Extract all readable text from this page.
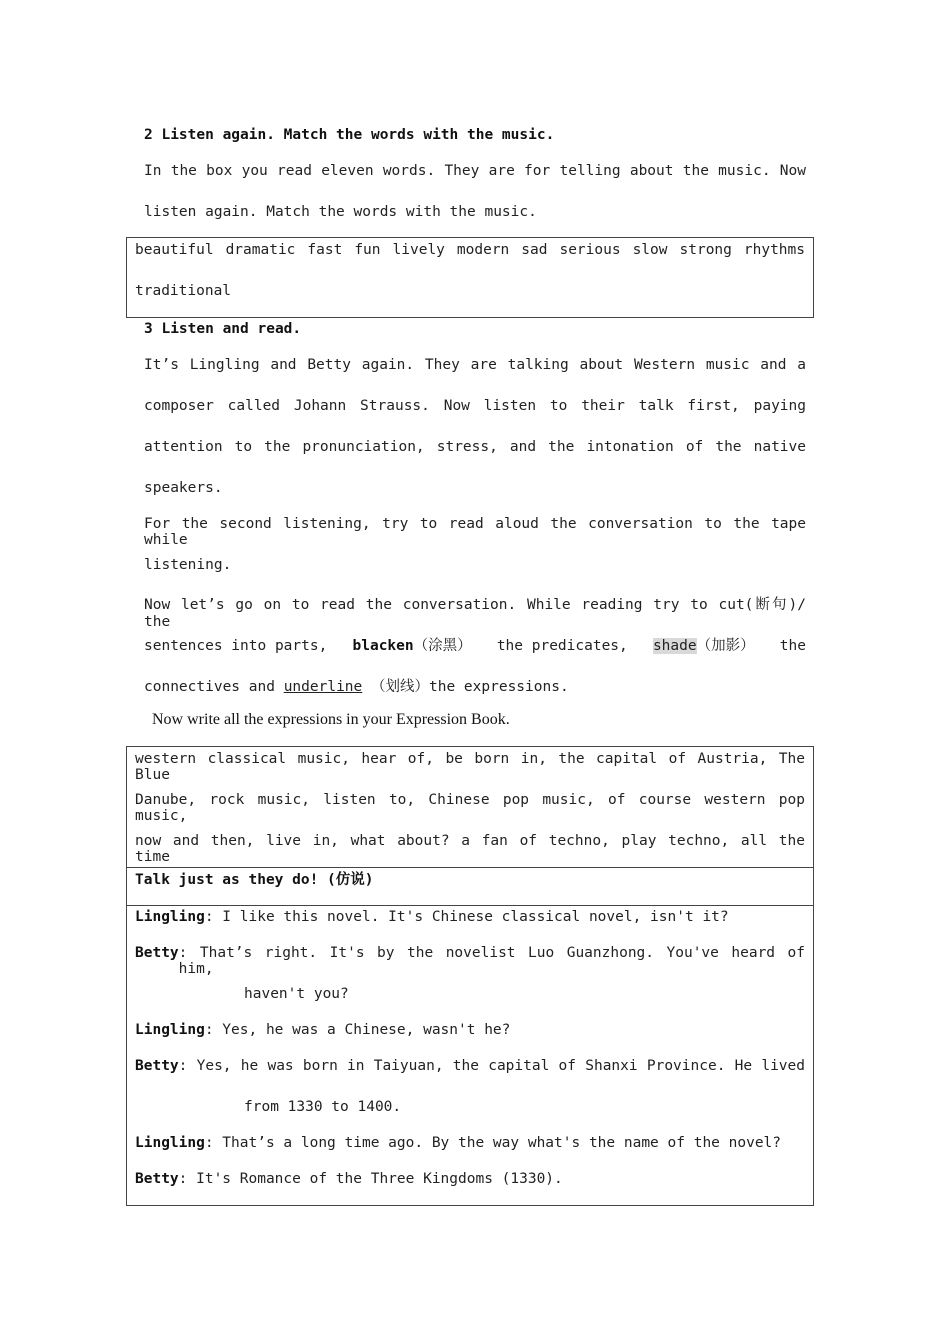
2 Listen again. Match the words with the music.
In the box you read eleven words. They are for telling about the music. Now
listen again. Match the words with the music.
beautiful dramatic fast fun lively modern sad serious slow strong rhythms
traditional
3 Listen and read.
It’s Lingling and Betty again. They are talking about Western music and a
composer called Johann Strauss. Now listen to their talk first, paying
attention to the pronunciation, stress, and the intonation of the native
speakers.
For the second listening, try to read aloud the conversation to the tape while
listening.
Now let’s go on to read the conversation. While reading try to cut(断句)/ the
sentences into parts, blacken（涂黑） the predicates, shade（加影） the
connectives and underline （划线）the expressions.
Now write all the expressions in your Expression Book.
western classical music, hear of, be born in, the capital of Austria, The Blue
Danube, rock music, listen to, Chinese pop music, of course western pop music,
now and then, live in, what about? a fan of techno, play techno, all the time
Talk just as they do! (仿说)
Lingling: I like this novel. It's Chinese classical novel, isn't it?
Betty : That’s right. It's by the novelist Luo Guanzhong. You've heard of him,
haven't you?
Lingling: Yes, he was a Chinese, wasn't he?
Betty : Yes, he was born in Taiyuan, the capital of Shanxi Province. He lived
from 1330 to 1400.
Lingling: That’s a long time ago. By the way what's the name of the novel?
Betty: It's Romance of the Three Kingdoms (1330).
